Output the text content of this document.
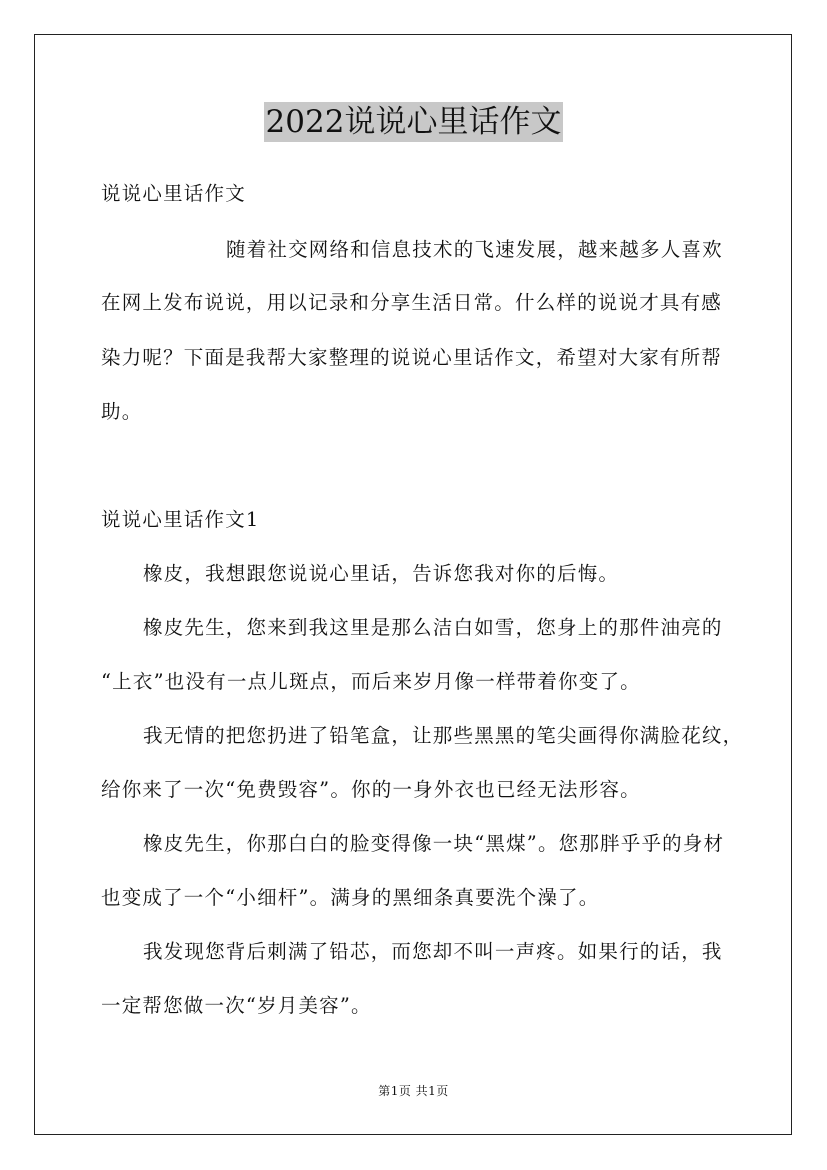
2022说说心里话作文
说说心里话作文
随着社交网络和信息技术的飞速发展，越来越多人喜欢
在网上发布说说，用以记录和分享生活日常。什么样的说说才具有感
染力呢？下面是我帮大家整理的说说心里话作文，希望对大家有所帮
助。
说说心里话作文1
橡皮，我想跟您说说心里话，告诉您我对你的后悔。
橡皮先生，您来到我这里是那么洁白如雪，您身上的那件油亮的
“上衣”也没有一点儿斑点，而后来岁月像一样带着你变了。
我无情的把您扔进了铅笔盒，让那些黑黑的笔尖画得你满脸花纹，
给你来了一次“免费毁容”。你的一身外衣也已经无法形容。
橡皮先生，你那白白的脸变得像一块“黑煤”。您那胖乎乎的身材
也变成了一个“小细杆”。满身的黑细条真要洗个澡了。
我发现您背后刺满了铅芯，而您却不叫一声疼。如果行的话，我
一定帮您做一次“岁月美容”。
第1页 共1页
